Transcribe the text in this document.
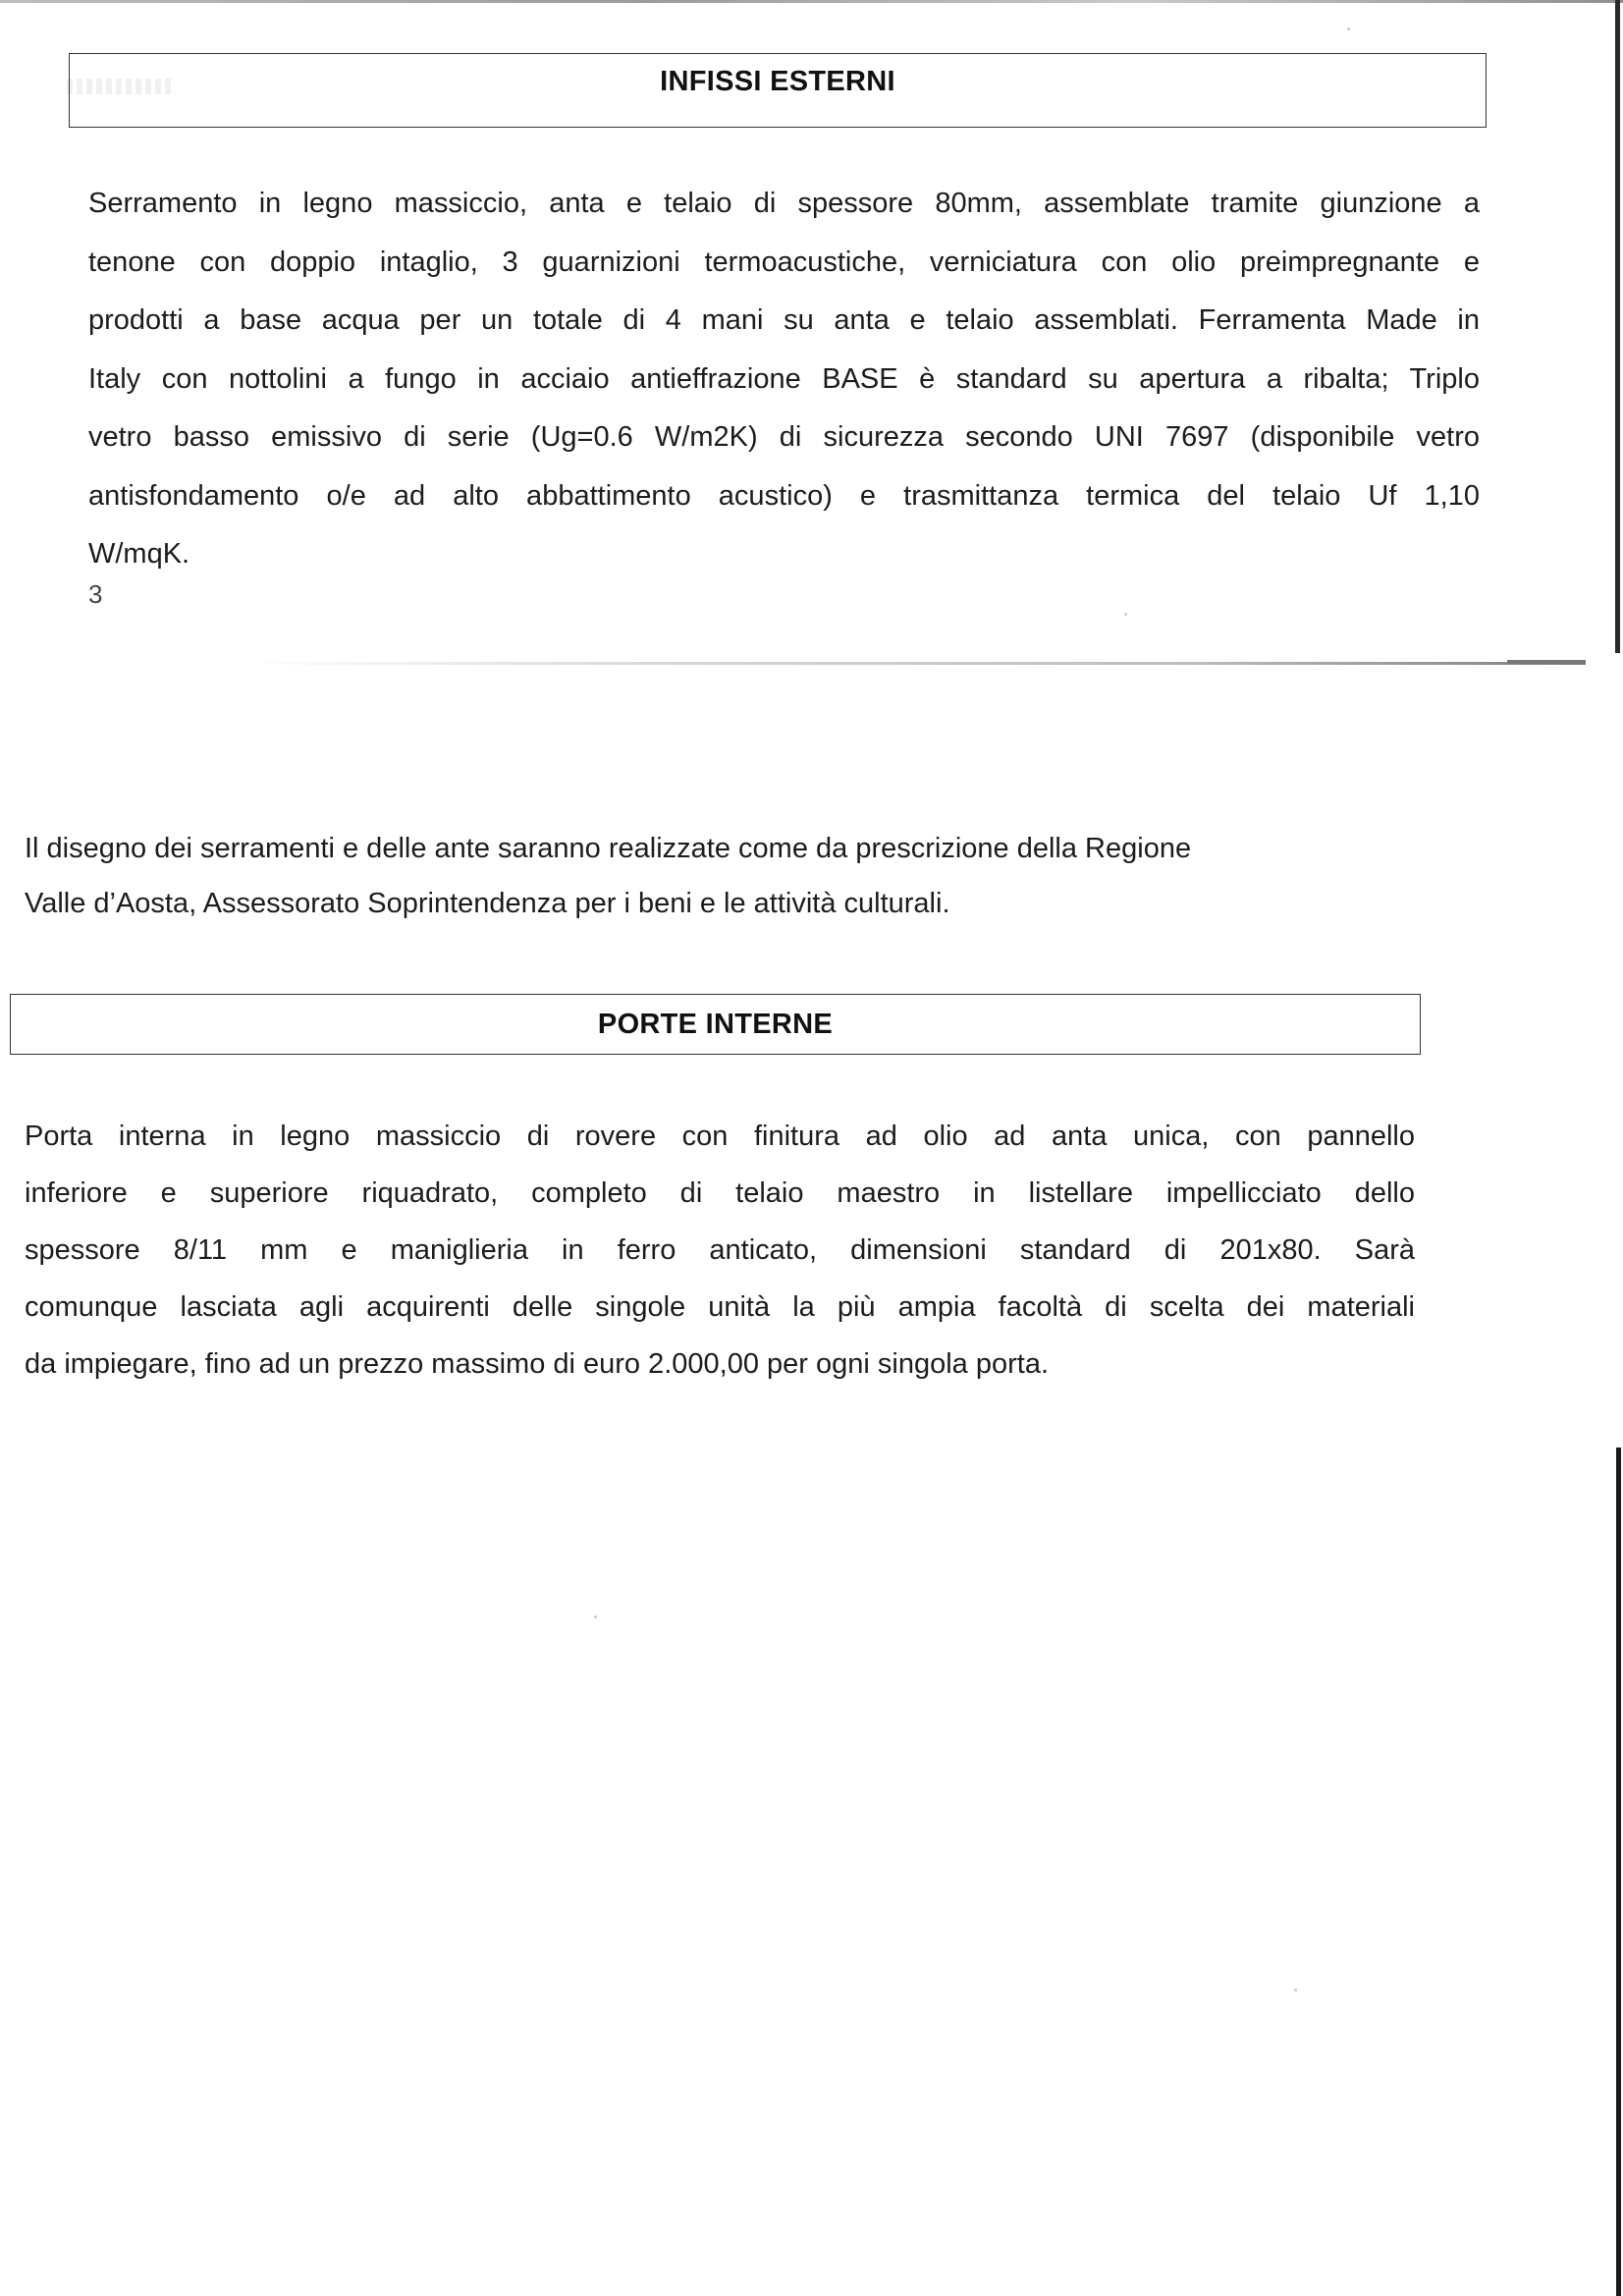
INFISSI ESTERNI

Serramento in legno massiccio, anta e telaio di spessore 80mm, assemblate tramite giunzione a
tenone con doppio intaglio, 3 guarnizioni termoacustiche, verniciatura con olio preimpregnante e
prodotti a base acqua per un totale di 4 mani su anta e telaio assemblati. Ferramenta Made in
Italy con nottolini a fungo in acciaio antieffrazione BASE è standard su apertura a ribalta; Triplo
vetro basso emissivo di serie (Ug=0.6 W/m2K) di sicurezza secondo UNI 7697 (disponibile vetro
antisfondamento o/e ad alto abbattimento acustico) e trasmittanza termica del telaio Uf 1,10
W/mqK.

3

Il disegno dei serramenti e delle ante saranno realizzate come da prescrizione della Regione
Valle d’Aosta, Assessorato Soprintendenza per i beni e le attività culturali.

PORTE INTERNE

Porta interna in legno massiccio di rovere con finitura ad olio ad anta unica, con pannello
inferiore e superiore riquadrato, completo di telaio maestro in listellare impellicciato dello
spessore 8/11 mm e maniglieria in ferro anticato, dimensioni standard di 201x80. Sarà
comunque lasciata agli acquirenti delle singole unità la più ampia facoltà di scelta dei materiali
da impiegare, fino ad un prezzo massimo di euro 2.000,00 per ogni singola porta.
